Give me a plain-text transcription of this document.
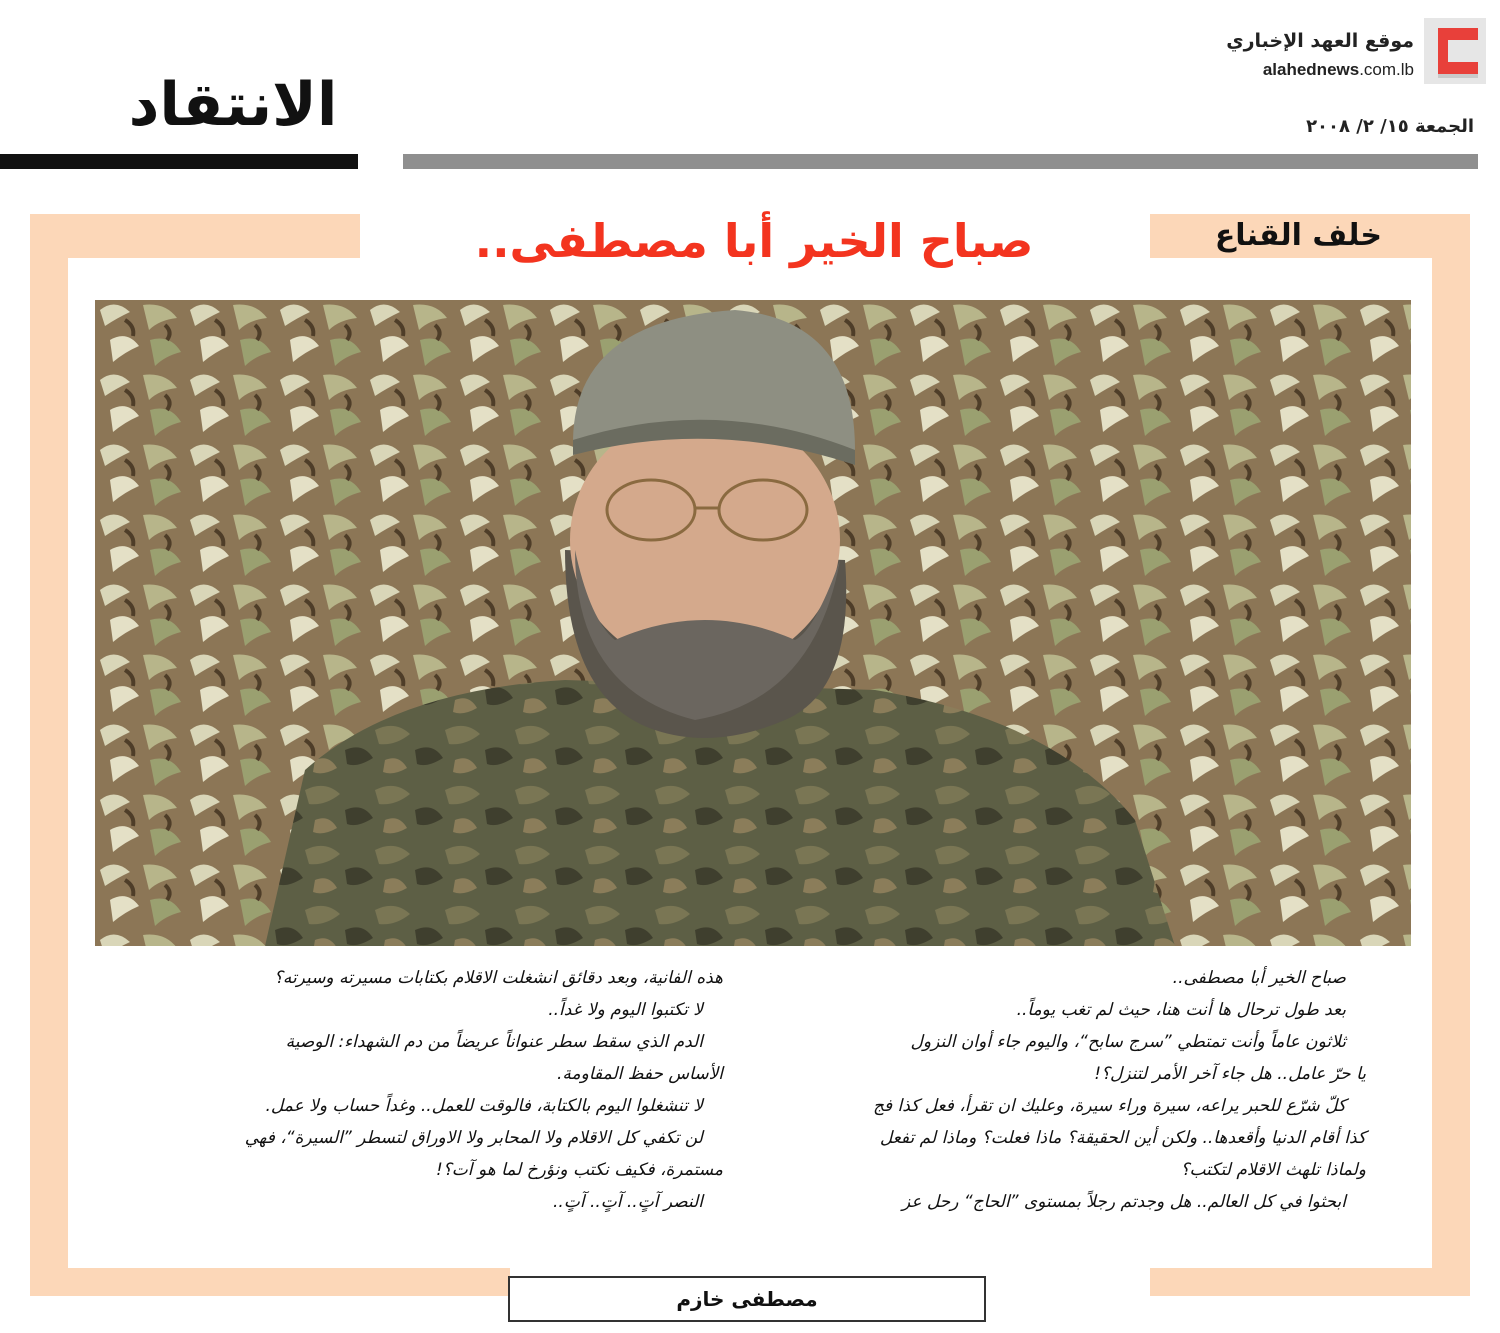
موقع العهد الإخباري
alahednews.com.lb
الجمعة ١٥/ ٢/ ٢٠٠٨
الانتقاد
خلف القناع
صباح الخير أبا مصطفى..

صباح الخير أبا مصطفى..

بعد طول ترحال ها أنت هنا، حيث لم تغب يوماً..

ثلاثون عاماً وأنت تمتطي ”سرج سابح“، واليوم جاء أوان النزول

يا حرّ عامل.. هل جاء آخر الأمر لتنزل؟!

كلّ شرّع للحبر يراعه، سيرة وراء سيرة، وعليك ان تقرأ، فعل كذا فج

كذا أقام الدنيا وأقعدها.. ولكن أين الحقيقة؟ ماذا فعلت؟ وماذا لم تفعل

ولماذا تلهث الاقلام لتكتب؟

ابحثوا في كل العالم.. هل وجدتم رجلاً بمستوى ”الحاج“ رحل عز

هذه الفانية، وبعد دقائق انشغلت الاقلام بكتابات مسيرته وسيرته؟

لا تكتبوا اليوم ولا غداً..

الدم الذي سقط سطر عنواناً عريضاً من دم الشهداء: الوصية

الأساس حفظ المقاومة.

لا تنشغلوا اليوم بالكتابة، فالوقت للعمل.. وغداً حساب ولا عمل.

لن تكفي كل الاقلام ولا المحابر ولا الاوراق لتسطر ”السيرة“، فهي

مستمرة، فكيف نكتب ونؤرخ لما هو آت؟!

النصر آتٍ.. آتٍ.. آتٍ..

مصطفى خازم
